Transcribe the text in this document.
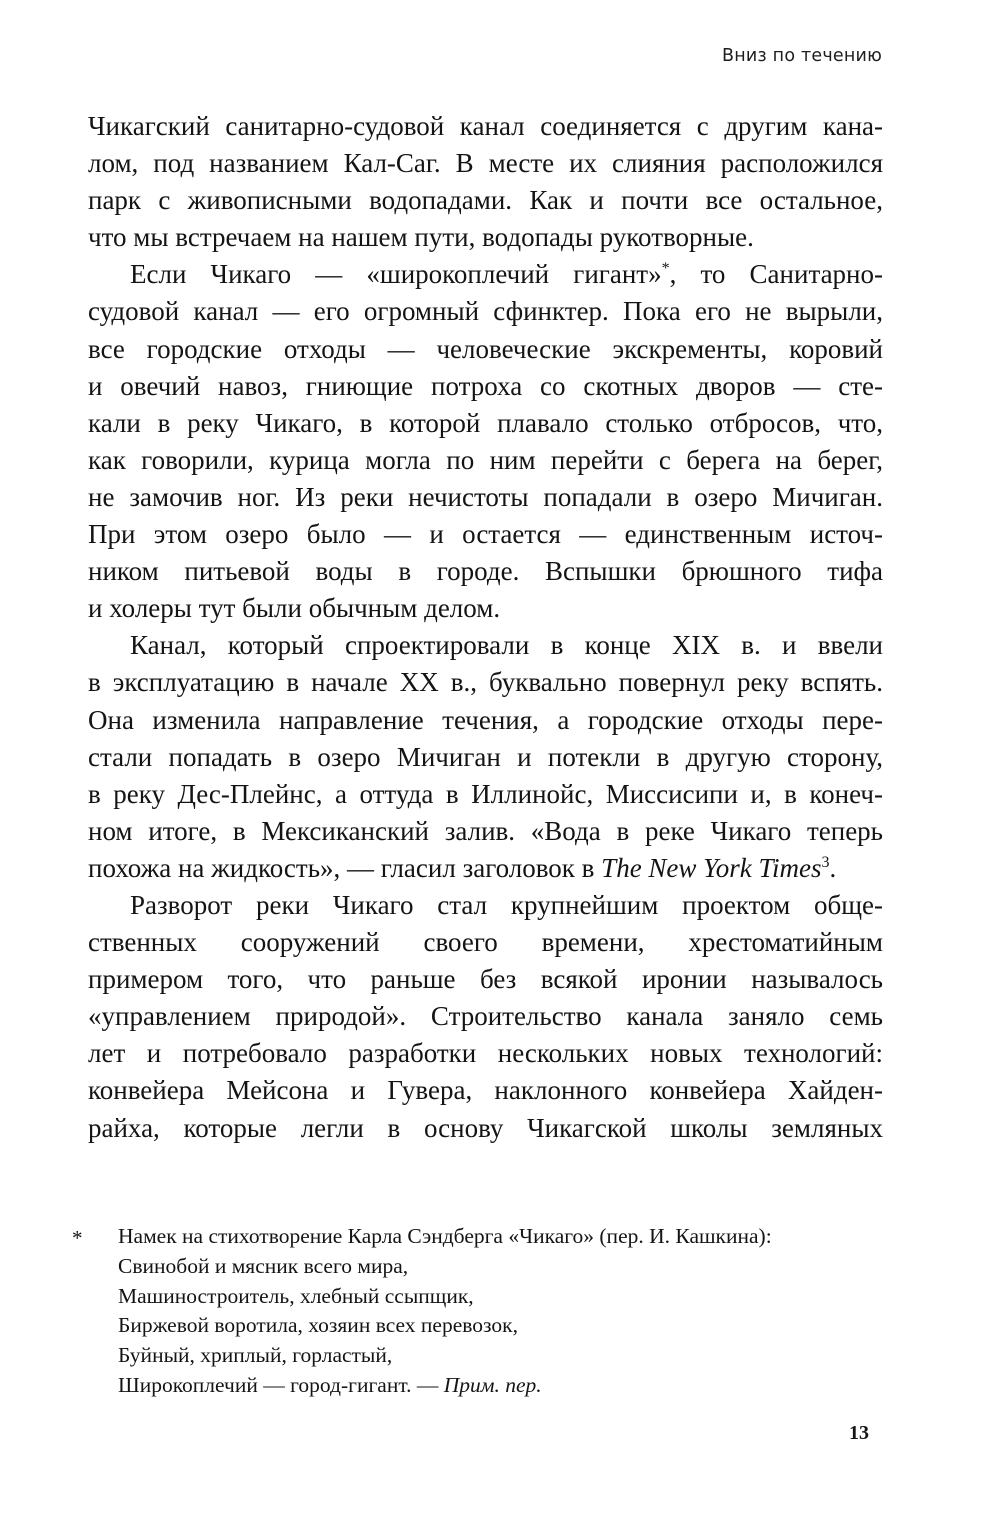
Вниз по течению
Чикагский санитарно-судовой канал соединяется с другим кана-
лом, под названием Кал-Саг. В месте их слияния расположился
парк с живописными водопадами. Как и почти все остальное,
что мы встречаем на нашем пути, водопады рукотворные.
Если Чикаго — «широкоплечий гигант»*, то Санитарно-
судовой канал — его огромный сфинктер. Пока его не вырыли,
все городские отходы — человеческие экскременты, коровий
и овечий навоз, гниющие потроха со скотных дворов — сте-
кали в реку Чикаго, в которой плавало столько отбросов, что,
как говорили, курица могла по ним перейти с берега на берег,
не замочив ног. Из реки нечистоты попадали в озеро Мичиган.
При этом озеро было — и остается — единственным источ-
ником питьевой воды в городе. Вспышки брюшного тифа
и холеры тут были обычным делом.
Канал, который спроектировали в конце XIX в. и ввели
в эксплуатацию в начале XX в., буквально повернул реку вспять.
Она изменила направление течения, а городские отходы пере-
стали попадать в озеро Мичиган и потекли в другую сторону,
в реку Дес-Плейнс, а оттуда в Иллинойс, Миссисипи и, в конеч-
ном итоге, в Мексиканский залив. «Вода в реке Чикаго теперь
похожа на жидкость», — гласил заголовок в The New York Times$^3$.
Разворот реки Чикаго стал крупнейшим проектом обще-
ственных сооружений своего времени, хрестоматийным
примером того, что раньше без всякой иронии называлось
«управлением природой». Строительство канала заняло семь
лет и потребовало разработки нескольких новых технологий:
конвейера Мейсона и Гувера, наклонного конвейера Хайден-
райха, которые легли в основу Чикагской школы земляных
* Намек на стихотворение Карла Сэндберга «Чикаго» (пер. И. Кашкина):
Свинобой и мясник всего мира,
Машиностроитель, хлебный ссыпщик,
Биржевой воротила, хозяин всех перевозок,
Буйный, хриплый, горластый,
Широкоплечий — город-гигант. — Прим. пер.
13
